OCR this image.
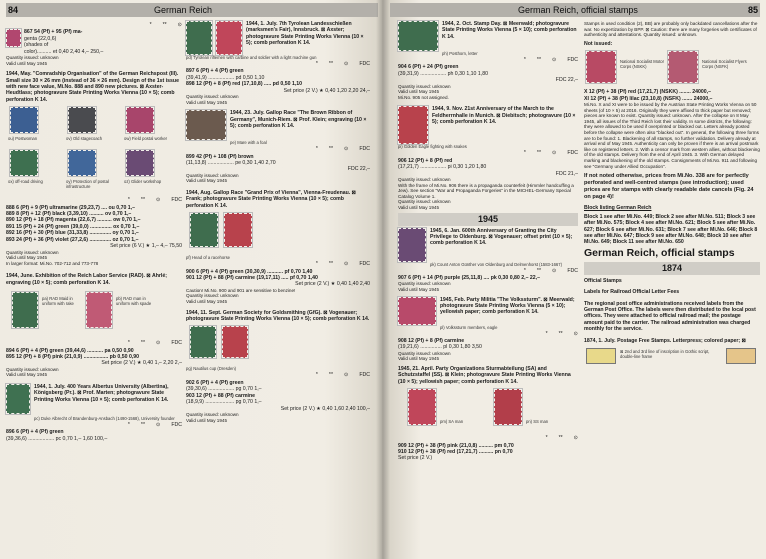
84	German Reich
* ** ⊙

867 54 (Pf) + 95 (Pf) ma-

genta (22,0,6)

(shades of

color).......... et 0,40 2,40 4,– 250,–

Quantity issued: unknown

Valid until May 1945

1944, May. "Comradship Organisation" of the German Reichspost (III). Small size 30 × 26 mm (instead of 36 × 26 mm). Design of the 1st issue with new face value, Mi.No. 888 and 890 new pictures. ⊠ Axster-Heudtlass; photogravure State Printing Works Vienna (10 × 5); comb perforation K 14.

ou) Postwoman	ov) Old stagecoach	ow) Field postal worker
ox) off-road driving	oy) Protection of postal infrastructure
oz) Glider workshop
* ** ⊙ FDC

888 6 (Pf) + 9 (Pf) ultramarine (29,23,7) .... ou 0,70 1,–

889 8 (Pf) + 12 (Pf) black (3,39,10) .......... ov 0,70 1,–

890 12 (Pf) + 18 (Pf) magenta (22,6,7) .......... ow 0,70 1,–

891 15 (Pf) + 24 (Pf) green (39,0,0) ............... ox 0,70 1,–

892 16 (Pf) + 30 (Pf) blue (31,33,8) ............... oy 0,70 1,–

893 24 (Pf) + 36 (Pf) violet (27,2,6) ............... oz 0,70 1,–

Set price (6 V.) ★ 1,– 4,– 75,50

Quantity issued: unknown

Valid until May 1945

In larger format: Mi.No. 702-712 and 773-778

1944, June. Exhibition of the Reich Labor Service (RAD). ⊠ Ahrlé; engraving (10 × 5); comb perforation K 14.

pa) RAD Maid in uniform with rake
pb) RAD man in uniform with spade
* ** ⊙ FDC

894 6 (Pf) + 4 (Pf) green (39,44,6) ........... pa 0,50 0,90

895 12 (Pf) + 8 (Pf) pink (21,0,9) ................. pb 0,50 0,90

Set price (2 V.) ★ 0,40 1,– 2,20 2,–

Quantity issued: unknown

Valid until May 1945

1944, 1. July. 400 Years Albertus University (Albertina), Königsberg (Pr.). ⊠ Prof. Marten; photogravure State Printing Works Vienna (10 × 5); comb perforation K 14.

pc) Duke Albrecht of Brandenburg-Ansbach (1490-1568), University founder

* ** ⊙ FDC

896 6 (Pf) + 4 (Pf) green

(39,36,6) .................. pc 0,70 1,– 1,60 100,–

1944, 1. July. 7th Tyrolean Landesschießen (marksmen's Fair), Innsbruck. ⊠ Axster; photogravure State Printing Works Vienna (10 × 5); comb perforation K 14.

pd) Tyrolean riflemen with carbine and soldier with a light machine gun

* ** ⊙ FDC

897 6 (Pf) + 4 (Pf) green

(39,41,9) .................. pd 0,50 1,10

898 12 (Pf) + 8 (Pf) red (17,10,8) ..... pd 0,50 1,10

Set price (2 V.) ★ 0,40 1,20 2,20 24,–

Quantity issued: unknown

Valid until May 1945

1944, 23. July. Gallop Race "The Brown Ribbon of Germany", Munich-Riem. ⊠ Prof. Klein; engraving (10 × 5); comb perforation K 14.

pe) Mare with a foal

* ** ⊙ FDC

899 42 (Pf) + 108 (Pf) brown

(11,13,8) .................. pe 0,30 1,40 2,70

FDC 22,–

Quantity issued: unknown

Valid until May 1945

1944, Aug. Gallop Race "Grand Prix of Vienna", Vienna-Freudenau. ⊠ Frank; photogravure State Printing Works Vienna (10 × 5); comb perforation K 14.

pf) Head of a racehorse

* ** ⊙ FDC

900 6 (Pf) + 4 (Pf) green (30,30,9) ........... pf 0,70 1,40

901 12 (Pf) + 88 (Pf) carmine (19,17,11) ..... pf 0,70 1,40

Set price (2 V.) ★ 0,40 1,40 2,40

Caution! Mi.No. 900 and 901 are sensitive to benzine!

Quantity issued: unknown

Valid until May 1945

1944, 11. Sept. German Society for Goldsmithing (GfG). ⊠ Vogenauer; photogravure State Printing Works Vienna (10 × 5); comb perforation K 14.

pg) Nautilus cup (Dresden)

* ** ⊙ FDC

902 6 (Pf) + 4 (Pf) green

(39,30,6) .................. pg 0,70 1,–

903 12 (Pf) + 88 (Pf) carmine

(18,9,9) .................... pg 0,70 1,–

Set price (2 V.) ★ 0,40 1,60 2,40 100,–

Quantity issued: unknown

Valid until May 1945

German Reich, official stamps	85

1944, 2. Oct. Stamp Day. ⊠ Meerwald; photogravure State Printing Works Vienna (5 × 10); comb perforation K 14.

ph) Posthorn, letter

* ** ⊙ FDC

904 6 (Pf) + 24 (Pf) green

(39,31,9) .................. ph 0,30 1,10 1,80

FDC 22,–

Quantity issued: unknown

Valid until May 1945

Mi.No. 905 not assigned.

1944, 9. Nov. 21st Anniversary of the March to the Feldherrnhalle in Munich. ⊠ Diebitsch; photogravure (10 × 5); comb perforation K 14.

pi) Golden Eagle fighting with snakes

* ** ⊙ FDC

906 12 (Pf) + 8 (Pf) red

(17,21,7) .................. pi 0,30 1,20 1,80

FDC 21,–

Quantity issued: unknown

With the frame of Mi.No. 906 there is a propaganda counterfeit (Himmler handcuffing a Jew). See section "War and Propaganda Forgeries" in the MICHEL-Germany Special Catalog Volume 1.

Quantity issued: unknown

Valid until May 1945

1945

1945, 6. Jan. 600th Anniversary of Granting the City Privilege to Oldenburg. ⊠ Vogenauer; offset print (10 × 5); comb perforation K 14.

pk) Count Anton Günther von Oldenburg and Delmenhorst (1583-1667)

* ** ⊙ FDC

907 6 (Pf) + 14 (Pf) purple (25,11,8) .... pk 0,30 0,80 2,– 22,–

Quantity issued: unknown

Valid until May 1945

1945, Feb. Party Militia "The Volkssturm". ⊠ Meerwald; photogravure State Printing Works Vienna (5 × 10); yellowish paper; comb perforation K 14.

pl) Volkssturm members, eagle

* ** ⊙

908 12 (Pf) + 8 (Pf) carmine

(19,21,6) ............... pl 0,30 1,80 3,50

Quantity issued: unknown

Valid until May 1945

1945, 21. April. Party Organizations Sturmabteilung (SA) and Schutzstaffel (SS). ⊠ Klein; photogravure State Printing Works Vienna (10 × 5); yellowish paper; comb perforation K 14.

pm) SA man	pn) SS man
* ** ⊙

909 12 (Pf) + 38 (Pf) pink (21,0,8) .......... pm 0,70

910 12 (Pf) + 38 (Pf) red (17,21,7) .......... pn 0,70

Set price (2 V.)

Stamps in used condition (2), BB) are probably only backdated cancellations after the war. No expertization by BPP. ⊠ Caution: there are many forgeries with certificates of authenticity and attestations. Quantity issued: unknown.

Not issued:

National Socialist Motor Corps (NSKK)
National Socialist Flyers Corps (NSFK)

X 12 (Pf) + 38 (Pf) red (17,21,7) (NSKK) ........ 24000,–

XI 12 (Pf) + 38 (Pf) lilac (23,10,8) (NSFK) ....... 24000,–

Mi.No. X and XI were to be issued by the Austrian State Printing Works Vienna on 50 sheets (of 10 × 5) at 2016. Originally they were affixed to thick paper but removed; pieces are known to exist. Quantity issued: unknown. After the collapse on 8 May 1945, all issues of the Third Reich lost their validity. In some districts, the following: they were allowed to be used if overprinted or blacked out. Letters already posted before the collapse were often also "blacked out". In general, the following three forms are to be found: 1. Blackening of all stamps, no further validation. Delivery already at arrival end of May 1945. Authenticity can only be proven if there is an arrival postmark like on registered letters. 2. With a censor mark from western allies, without blackening of the old stamps. Delivery from the end of April 1945. 3. With German delayed marking and blackening of the old stamps. Consignments of Mi.No. 911 and following see "Germany under Allied Occupation".

If not noted otherwise, prices from Mi.No. 338 are for perfectly perforated and well-centred stamps (see introduction); used prices are for stamps with clearly readable date cancels (Fig. 24 on page 4)!

Block listing German Reich

Block 1 see after Mi.No. 449; Block 2 see after Mi.No. 511; Block 3 see after Mi.No. 575; Block 4 see after Mi.No. 621; Block 5 see after Mi.No. 627; Block 6 see after Mi.No. 631; Block 7 see after Mi.No. 646; Block 8 see after Mi.No. 647; Block 9 see after Mi.No. 648; Block 10 see after Mi.No. 649; Block 11 see after Mi.No. 650

German Reich, official stamps

1874

Official Stamps

Labels for Railroad Official Letter Fees

The regional post office administrations received labels from the German Post Office. The labels were then distributed to the local post offices. They were attached to official railroad mail; the postage amount paid to the carrier. The railroad administration was charged monthly for the service.

1874, 1. July. Postage Free Stamps. Letterpress; colored paper; ⊠

⊠ 2nd and 3rd line of inscription in Gothic script, double-line frame
